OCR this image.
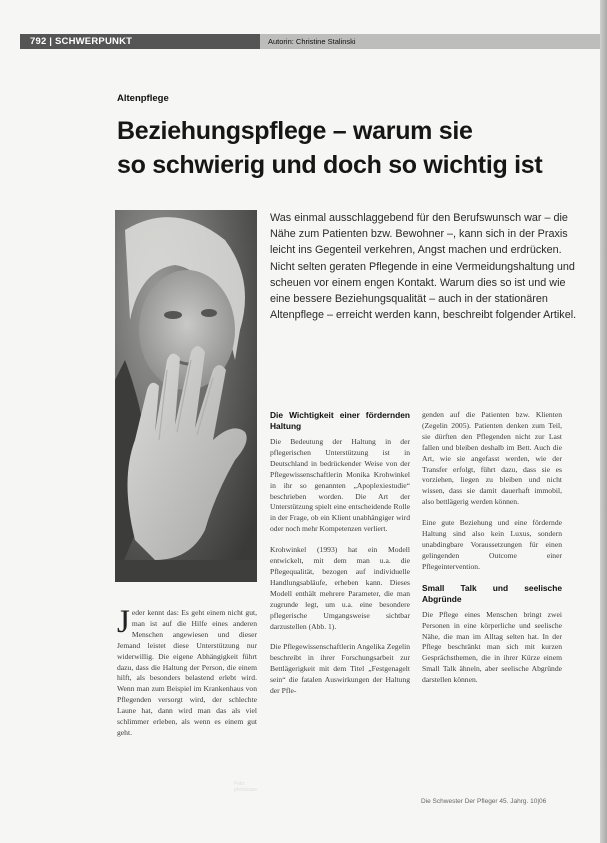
792 | SCHWERPUNKT	Autorin: Christine Stalinski
Altenpflege
Beziehungspflege – warum sie
so schwierig und doch so wichtig ist
Foto: photocase

Was einmal ausschlaggebend für den Berufswunsch war – die Nähe zum Patienten bzw. Bewohner –, kann sich in der Praxis leicht ins Gegenteil verkehren, Angst machen und erdrücken. Nicht selten geraten Pflegende in eine Vermeidungshaltung und scheuen vor einem engen Kontakt. Warum dies so ist und wie eine bessere Beziehungsqualität – auch in der stationären Altenpflege – erreicht werden kann, beschreibt folgender Artikel.

Jeder kennt das: Es geht einem nicht gut, man ist auf die Hilfe eines anderen Menschen angewiesen und dieser Jemand leistet diese Unterstützung nur widerwillig. Die eigene Abhängigkeit führt dazu, dass die Haltung der Person, die einem hilft, als besonders belastend erlebt wird. Wenn man zum Beispiel im Krankenhaus von Pflegenden versorgt wird, der schlechte Laune hat, dann wird man das als viel schlimmer erleben, als wenn es einem gut geht.

Die Wichtigkeit einer fördernden Haltung

Die Bedeutung der Haltung in der pflegerischen Unterstützung ist in Deutschland in bedrückender Weise von der Pflegewissenschaftlerin Monika Krohwinkel in ihr so genannten „Apoplexiestudie“ beschrieben worden. Die Art der Unterstützung spielt eine entscheidende Rolle in der Frage, ob ein Klient unabhängiger wird oder noch mehr Kompetenzen verliert.

Krohwinkel (1993) hat ein Modell entwickelt, mit dem man u.a. die Pflegequalität, bezogen auf individuelle Handlungsabläufe, erheben kann. Dieses Modell enthält mehrere Parameter, die man zugrunde legt, um u.a. eine besondere pflegerische Umgangsweise sichtbar darzustellen (Abb. 1).

Die Pflegewissenschaftlerin Angelika Zegelin beschreibt in ihrer Forschungsarbeit zur Bettlägerigkeit mit dem Titel „Festgenagelt sein“ die fatalen Auswirkungen der Haltung der Pfle-

genden auf die Patienten bzw. Klienten (Zegelin 2005). Patienten denken zum Teil, sie dürften den Pflegenden nicht zur Last fallen und bleiben deshalb im Bett. Auch die Art, wie sie angefasst werden, wie der Transfer erfolgt, führt dazu, dass sie es vorziehen, liegen zu bleiben und nicht wissen, dass sie damit dauerhaft immobil, also bettlägerig werden können.

Eine gute Beziehung und eine fördernde Haltung sind also kein Luxus, sondern unabdingbare Voraussetzungen für einen gelingenden Outcome einer Pflegeintervention.

Small Talk und seelische Abgründe

Die Pflege eines Menschen bringt zwei Personen in eine körperliche und seelische Nähe, die man im Alltag selten hat. In der Pflege beschränkt man sich mit kurzen Gesprächsthemen, die in ihrer Kürze einem Small Talk ähneln, aber seelische Abgründe darstellen können.

Die Schwester Der Pfleger 45. Jahrg. 10|06
